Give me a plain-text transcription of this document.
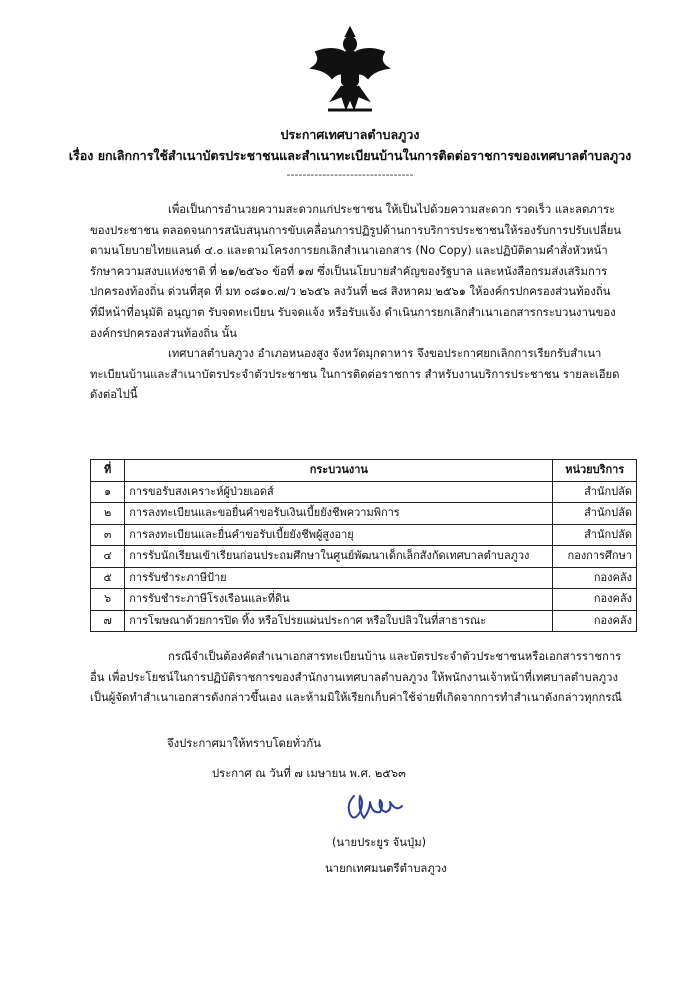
ประกาศเทศบาลตำบลภูวง
เรื่อง ยกเลิกการใช้สำเนาบัตรประชาชนและสำเนาทะเบียนบ้านในการติดต่อราชการของเทศบาลตำบลภูวง
--------------------------------
เพื่อเป็นการอำนวยความสะดวกแก่ประชาชน ให้เป็นไปด้วยความสะดวก รวดเร็ว และลดภาระ
ของประชาชน ตลอดจนการสนับสนุนการขับเคลื่อนการปฏิรูปด้านการบริการประชาชนให้รองรับการปรับเปลี่ยน
ตามนโยบายไทยแลนด์ ๔.๐ และตามโครงการยกเลิกสำเนาเอกสาร (No Copy) และปฏิบัติตามคำสั่งหัวหน้า
รักษาความสงบแห่งชาติ ที่ ๒๑/๒๕๖๐ ข้อที่ ๑๗ ซึ่งเป็นนโยบายสำคัญของรัฐบาล และหนังสือกรมส่งเสริมการ
ปกครองท้องถิ่น ด่วนที่สุด ที่ มท ๐๘๑๐.๗/ว ๒๖๕๖ ลงวันที่ ๒๘ สิงหาคม ๒๕๖๑ ให้องค์กรปกครองส่วนท้องถิ่น
ที่มีหน้าที่อนุมัติ อนุญาต รับจดทะเบียน รับจดแจ้ง หรือรับแจ้ง ดำเนินการยกเลิกสำเนาเอกสารกระบวนงานของ
องค์กรปกครองส่วนท้องถิ่น นั้น
เทศบาลตำบลภูวง อำเภอหนองสูง จังหวัดมุกดาหาร จึงขอประกาศยกเลิกการเรียกรับสำเนา
ทะเบียนบ้านและสำเนาบัตรประจำตัวประชาชน ในการติดต่อราชการ สำหรับงานบริการประชาชน รายละเอียด
ดังต่อไปนี้
ที่	กระบวนงาน	หน่วยบริการ
๑	การขอรับสงเคราะห์ผู้ป่วยเอดส์	สำนักปลัด
๒	การลงทะเบียนและขอยื่นคำขอรับเงินเบี้ยยังชีพความพิการ	สำนักปลัด
๓	การลงทะเบียนและยื่นคำขอรับเบี้ยยังชีพผู้สูงอายุ	สำนักปลัด
๔	การรับนักเรียนเข้าเรียนก่อนประถมศึกษาในศูนย์พัฒนาเด็กเล็กสังกัดเทศบาลตำบลภูวง	กองการศึกษา
๕	การรับชำระภาษีป้าย	กองคลัง
๖	การรับชำระภาษีโรงเรือนและที่ดิน	กองคลัง
๗	การโฆษณาด้วยการปิด ทิ้ง หรือโปรยแผ่นประกาศ หรือใบปลิวในที่สาธารณะ	กองคลัง
กรณีจำเป็นต้องคัดสำเนาเอกสารทะเบียนบ้าน และบัตรประจำตัวประชาชนหรือเอกสารราชการ
อื่น เพื่อประโยชน์ในการปฏิบัติราชการของสำนักงานเทศบาลตำบลภูวง ให้พนักงานเจ้าหน้าที่เทศบาลตำบลภูวง
เป็นผู้จัดทำสำเนาเอกสารดังกล่าวขึ้นเอง และห้ามมิให้เรียกเก็บค่าใช้จ่ายที่เกิดจากการทำสำเนาดังกล่าวทุกกรณี
จึงประกาศมาให้ทราบโดยทั่วกัน
ประกาศ ณ วันที่ ๗ เมษายน พ.ศ. ๒๕๖๓
(นายประยูร จันปุ่ม)
นายกเทศมนตรีตำบลภูวง
